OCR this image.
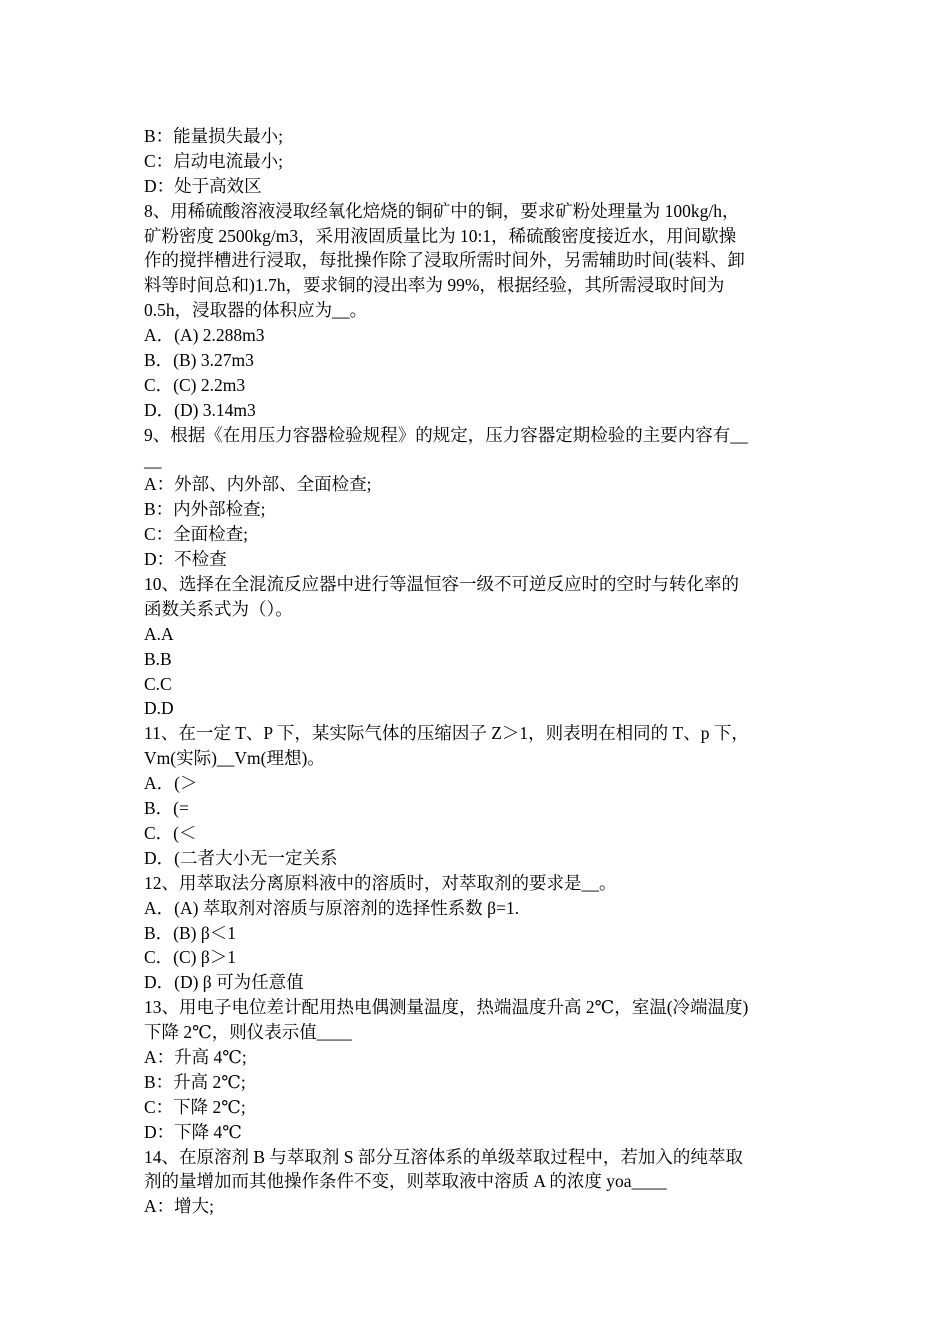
B：能量损失最小;
C：启动电流最小;
D：处于高效区
8、用稀硫酸溶液浸取经氧化焙烧的铜矿中的铜，要求矿粉处理量为 100kg/h，
矿粉密度 2500kg/m3，采用液固质量比为 10:1，稀硫酸密度接近水，用间歇操
作的搅拌槽进行浸取，每批操作除了浸取所需时间外，另需辅助时间(装料、卸
料等时间总和)1.7h，要求铜的浸出率为 99%，根据经验，其所需浸取时间为
0.5h，浸取器的体积应为__。
A．(A) 2.288m3
B．(B) 3.27m3
C．(C) 2.2m3
D．(D) 3.14m3
9、根据《在用压力容器检验规程》的规定，压力容器定期检验的主要内容有__
__
A：外部、内外部、全面检查;
B：内外部检查;
C：全面检查;
D：不检查
10、选择在全混流反应器中进行等温恒容一级不可逆反应时的空时与转化率的
函数关系式为（）。
A.A
B.B
C.C
D.D
11、在一定 T、P 下，某实际气体的压缩因子 Z＞1，则表明在相同的 T、p 下，
Vm(实际)__Vm(理想)。
A．(＞
B．(=
C．(＜
D．(二者大小无一定关系
12、用萃取法分离原料液中的溶质时，对萃取剂的要求是__。
A．(A) 萃取剂对溶质与原溶剂的选择性系数 β=1.
B．(B) β＜1
C．(C) β＞1
D．(D) β 可为任意值
13、用电子电位差计配用热电偶测量温度，热端温度升高 2℃，室温(冷端温度)
下降 2℃，则仪表示值____
A：升高 4℃;
B：升高 2℃;
C：下降 2℃;
D：下降 4℃
14、在原溶剂 B 与萃取剂 S 部分互溶体系的单级萃取过程中，若加入的纯萃取
剂的量增加而其他操作条件不变，则萃取液中溶质 A 的浓度 yoa____
A：增大;
